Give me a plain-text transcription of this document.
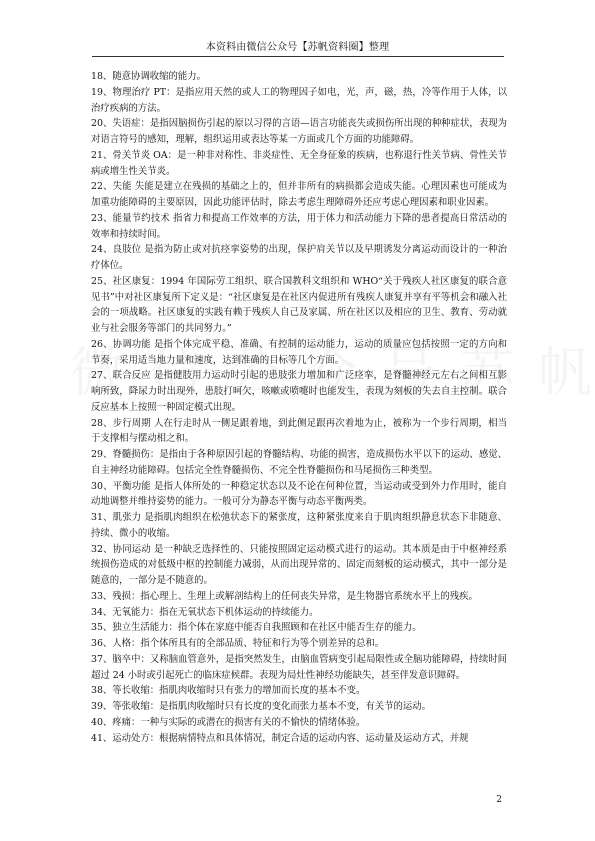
本资料由微信公众号【苏帆资料圈】整理

18、随意协调收缩的能力。

19、物理治疗 PT：是指应用天然的或人工的物理因子如电，光，声，磁，热，冷等作用于人体，以治疗疾病的方法。

20、失语症：是指因脑损伤引起的原以习得的言语—语言功能丧失或损伤所出现的种种症状，表现为对语言符号的感知，理解，组织运用或表达等某一方面或几个方面的功能障碍。

21、骨关节炎 OA：是一种非对称性、非炎症性、无全身征象的疾病，也称退行性关节病、骨性关节病或增生性关节炎。

22、失能 失能是建立在残损的基础之上的，但并非所有的病损都会造成失能。心理因素也可能成为加重功能障碍的主要原因，因此功能评估时，除去考虑生理障碍外还应考虑心理因素和职业因素。

23、能量节约技术 指省力和提高工作效率的方法，用于体力和活动能力下降的患者提高日常活动的效率和持续时间。

24、良肢位 是指为防止或对抗痉挛姿势的出现，保护肩关节以及早期诱发分离运动而设计的一种治疗体位。

25、社区康复：1994 年国际劳工组织、联合国教科文组织和 WHO“关于残疾人社区康复的联合意见书”中对社区康复所下定义是：“社区康复是在社区内促进所有残疾人康复并享有平等机会和融入社会的一项战略。社区康复的实践有赖于残疾人自己及家属、所在社区以及相应的卫生、教育、劳动就业与社会服务等部门的共同努力。”

26、协调功能 是指个体完成平稳、准确、有控制的运动能力，运动的质量应包括按照一定的方向和节奏，采用适当地力量和速度，达到准确的目标等几个方面。

27、联合反应 是指健肢用力运动时引起的患肢张力增加和广泛痉挛，是脊髓神经元左右之间相互影响所致，降尿力时出现外，患肢打呵欠，咳嗽或喷嚏时也能发生，表现为刻板的失去自主控制。联合反应基本上按照一种固定模式出现。

28、步行周期 人在行走时从一侧足跟着地，到此侧足跟再次着地为止，被称为一个步行周期，相当于支撑相与摆动相之和。

29、脊髓损伤：是指由于各种原因引起的脊髓结构、功能的损害，造成损伤水平以下的运动、感觉、自主神经功能障碍。包括完全性脊髓损伤、不完全性脊髓损伤和马尾损伤三种类型。

30、平衡功能 是指人体所处的一种稳定状态以及不论在何种位置，当运动或受到外力作用时，能自动地调整并维持姿势的能力。一般可分为静态平衡与动态平衡两类。

31、肌张力 是指肌肉组织在松弛状态下的紧张度，这种紧张度来自于肌肉组织静息状态下非随意、持续、微小的收缩。

32、协同运动 是一种缺乏选择性的、只能按照固定运动模式进行的运动。其本质是由于中枢神经系统损伤造成的对低级中枢的控制能力减弱，从而出现异常的、固定而刻板的运动模式，其中一部分是随意的，一部分是不随意的。

33、残损：指心理上、生理上或解剖结构上的任何丧失异常，是生物器官系统水平上的残疾。

34、无氧能力：指在无氧状态下机体运动的持续能力。

35、独立生活能力：指个体在家庭中能否自我照顾和在社区中能否生存的能力。

36、人格：指个体所具有的全部品质、特征和行为等个别差异的总和。

37、脑卒中：又称脑血管意外，是指突然发生，由脑血管病变引起局限性或全脑功能障碍，持续时间超过 24 小时或引起死亡的临床症候群。表现为局灶性神经功能缺失，甚至伴发意识障碍。

38、等长收缩：指肌肉收缩时只有张力的增加而长度的基本不变。

39、等张收缩：是指肌肉收缩时只有长度的变化而张力基本不变，有关节的运动。

40、疼痛：一种与实际的或潜在的损害有关的不愉快的情绪体验。

41、运动处方：根据病情特点和具体情况，制定合适的运动内容、运动量及运动方式，并规

2
